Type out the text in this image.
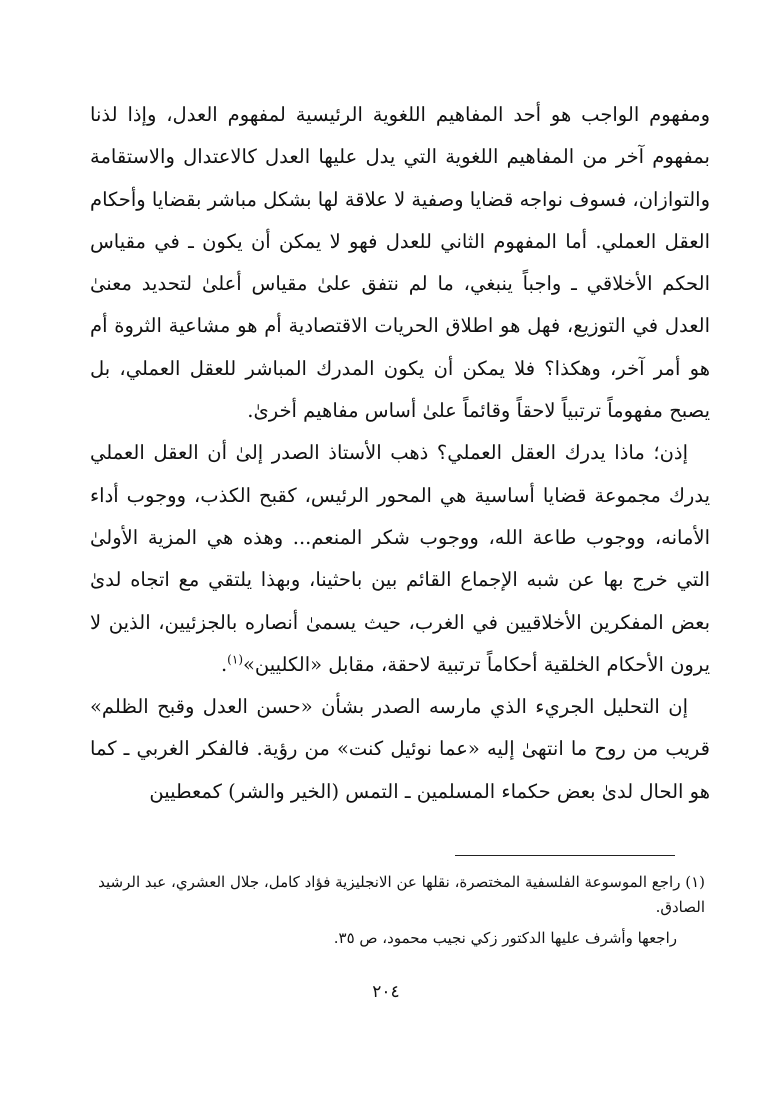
ومفهوم الواجب هو أحد المفاهيم اللغوية الرئيسية لمفهوم العدل، وإذا لذنا بمفهوم آخر من المفاهيم اللغوية التي يدل عليها العدل كالاعتدال والاستقامة والتوازان، فسوف نواجه قضايا وصفية لا علاقة لها بشكل مباشر بقضايا وأحكام العقل العملي. أما المفهوم الثاني للعدل فهو لا يمكن أن يكون ـ في مقياس الحكم الأخلاقي ـ واجباً ينبغي، ما لم نتفق علىٰ مقياس أعلىٰ لتحديد معنىٰ العدل في التوزيع، فهل هو اطلاق الحريات الاقتصادية أم هو مشاعية الثروة أم هو أمر آخر، وهكذا؟ فلا يمكن أن يكون المدرك المباشر للعقل العملي، بل يصبح مفهوماً ترتبياً لاحقاً وقائماً علىٰ أساس مفاهيم أخرىٰ.

إذن؛ ماذا يدرك العقل العملي؟ ذهب الأستاذ الصدر إلىٰ أن العقل العملي يدرك مجموعة قضايا أساسية هي المحور الرئيس، كقبح الكذب، ووجوب أداء الأمانه، ووجوب طاعة الله، ووجوب شكر المنعم... وهذه هي المزية الأولىٰ التي خرج بها عن شبه الإجماع القائم بين باحثينا، وبهذا يلتقي مع اتجاه لدىٰ بعض المفكرين الأخلاقيين في الغرب، حيث يسمىٰ أنصاره بالجزئيين، الذين لا يرون الأحكام الخلقية أحكاماً ترتبية لاحقة، مقابل «الكليين»$^{(١)}$.

إن التحليل الجريء الذي مارسه الصدر بشأن «حسن العدل وقبح الظلم» قريب من روح ما انتهىٰ إليه «عما نوئيل كنت» من رؤية. فالفكر الغربي ـ كما هو الحال لدىٰ بعض حكماء المسلمين ـ التمس (الخير والشر) كمعطيين

(١) راجع الموسوعة الفلسفية المختصرة، نقلها عن الانجليزية فؤاد كامل، جلال العشري، عبد الرشيد الصادق.

راجعها وأشرف عليها الدكتور زكي نجيب محمود، ص ٣٥.

٢٠٤
